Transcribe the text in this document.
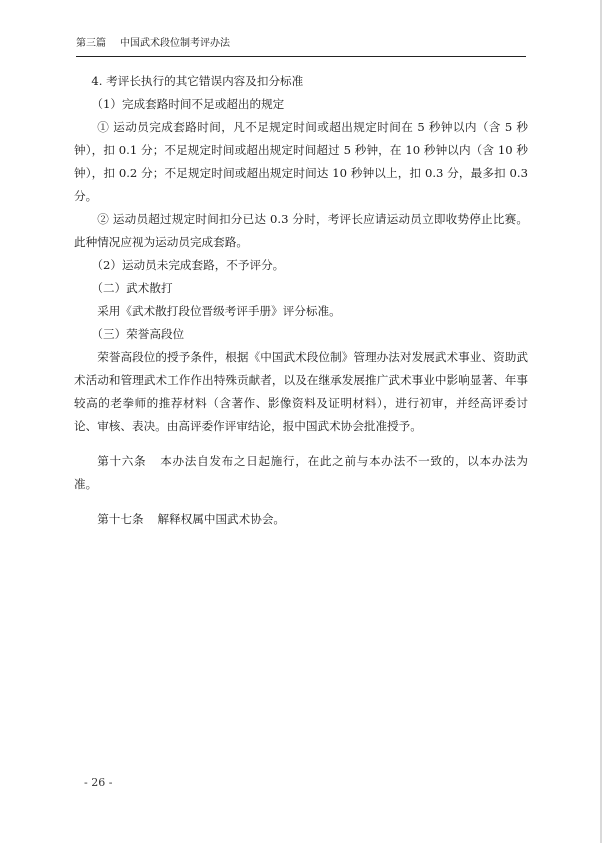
第三篇 中国武术段位制考评办法

4. 考评长执行的其它错误内容及扣分标准

（1）完成套路时间不足或超出的规定

① 运动员完成套路时间，凡不足规定时间或超出规定时间在 5 秒钟以内（含 5 秒钟），扣 0.1 分；不足规定时间或超出规定时间超过 5 秒钟，在 10 秒钟以内（含 10 秒钟），扣 0.2 分；不足规定时间或超出规定时间达 10 秒钟以上，扣 0.3 分，最多扣 0.3 分。

② 运动员超过规定时间扣分已达 0.3 分时，考评长应请运动员立即收势停止比赛。此种情况应视为运动员完成套路。

（2）运动员未完成套路，不予评分。

（二）武术散打

采用《武术散打段位晋级考评手册》评分标准。

（三）荣誉高段位

荣誉高段位的授予条件，根据《中国武术段位制》管理办法对发展武术事业、资助武术活动和管理武术工作作出特殊贡献者，以及在继承发展推广武术事业中影响显著、年事较高的老拳师的推荐材料（含著作、影像资料及证明材料），进行初审，并经高评委讨论、审核、表决。由高评委作评审结论，报中国武术协会批准授予。

第十六条 本办法自发布之日起施行，在此之前与本办法不一致的，以本办法为准。

第十七条 解释权属中国武术协会。

- 26 -
